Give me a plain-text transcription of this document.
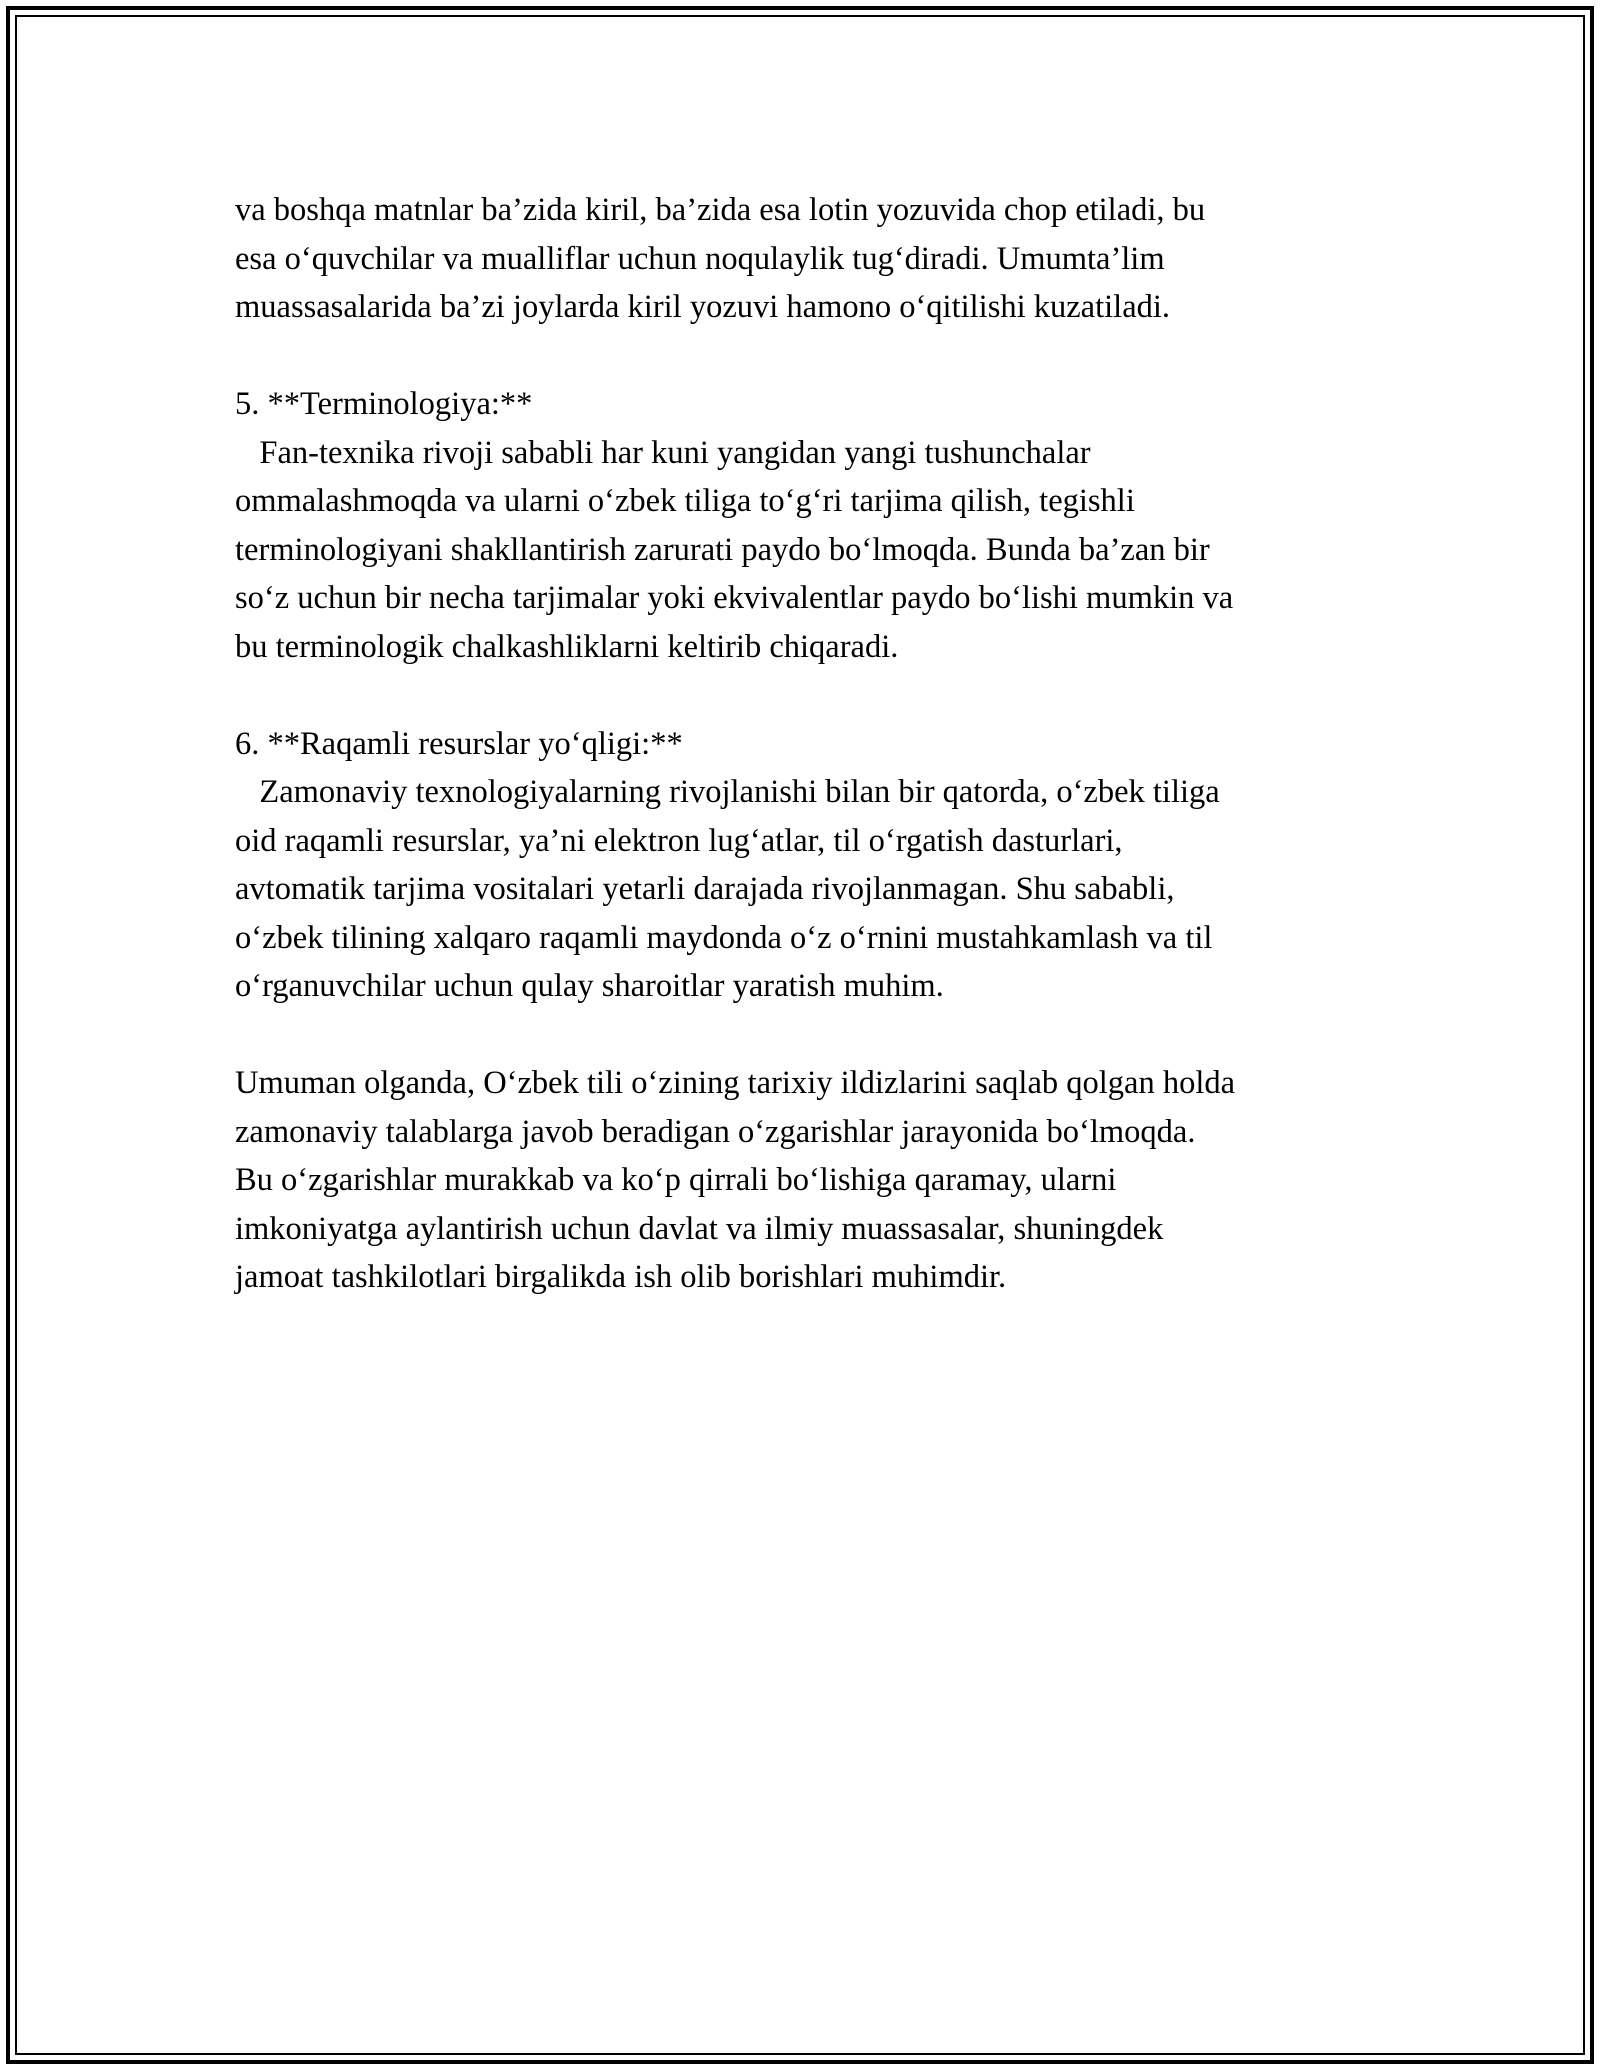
va boshqa matnlar ba’zida kiril, ba’zida esa lotin yozuvida chop etiladi, bu

esa o‘quvchilar va mualliflar uchun noqulaylik tug‘diradi. Umumta’lim

muassasalarida ba’zi joylarda kiril yozuvi hamono o‘qitilishi kuzatiladi.

5. **Terminologiya:**

Fan-texnika rivoji sababli har kuni yangidan yangi tushunchalar

ommalashmoqda va ularni o‘zbek tiliga to‘g‘ri tarjima qilish, tegishli

terminologiyani shakllantirish zarurati paydo bo‘lmoqda. Bunda ba’zan bir

so‘z uchun bir necha tarjimalar yoki ekvivalentlar paydo bo‘lishi mumkin va

bu terminologik chalkashliklarni keltirib chiqaradi.

6. **Raqamli resurslar yo‘qligi:**

Zamonaviy texnologiyalarning rivojlanishi bilan bir qatorda, o‘zbek tiliga

oid raqamli resurslar, ya’ni elektron lug‘atlar, til o‘rgatish dasturlari,

avtomatik tarjima vositalari yetarli darajada rivojlanmagan. Shu sababli,

o‘zbek tilining xalqaro raqamli maydonda o‘z o‘rnini mustahkamlash va til

o‘rganuvchilar uchun qulay sharoitlar yaratish muhim.

Umuman olganda, O‘zbek tili o‘zining tarixiy ildizlarini saqlab qolgan holda

zamonaviy talablarga javob beradigan o‘zgarishlar jarayonida bo‘lmoqda.

Bu o‘zgarishlar murakkab va ko‘p qirrali bo‘lishiga qaramay, ularni

imkoniyatga aylantirish uchun davlat va ilmiy muassasalar, shuningdek

jamoat tashkilotlari birgalikda ish olib borishlari muhimdir.
